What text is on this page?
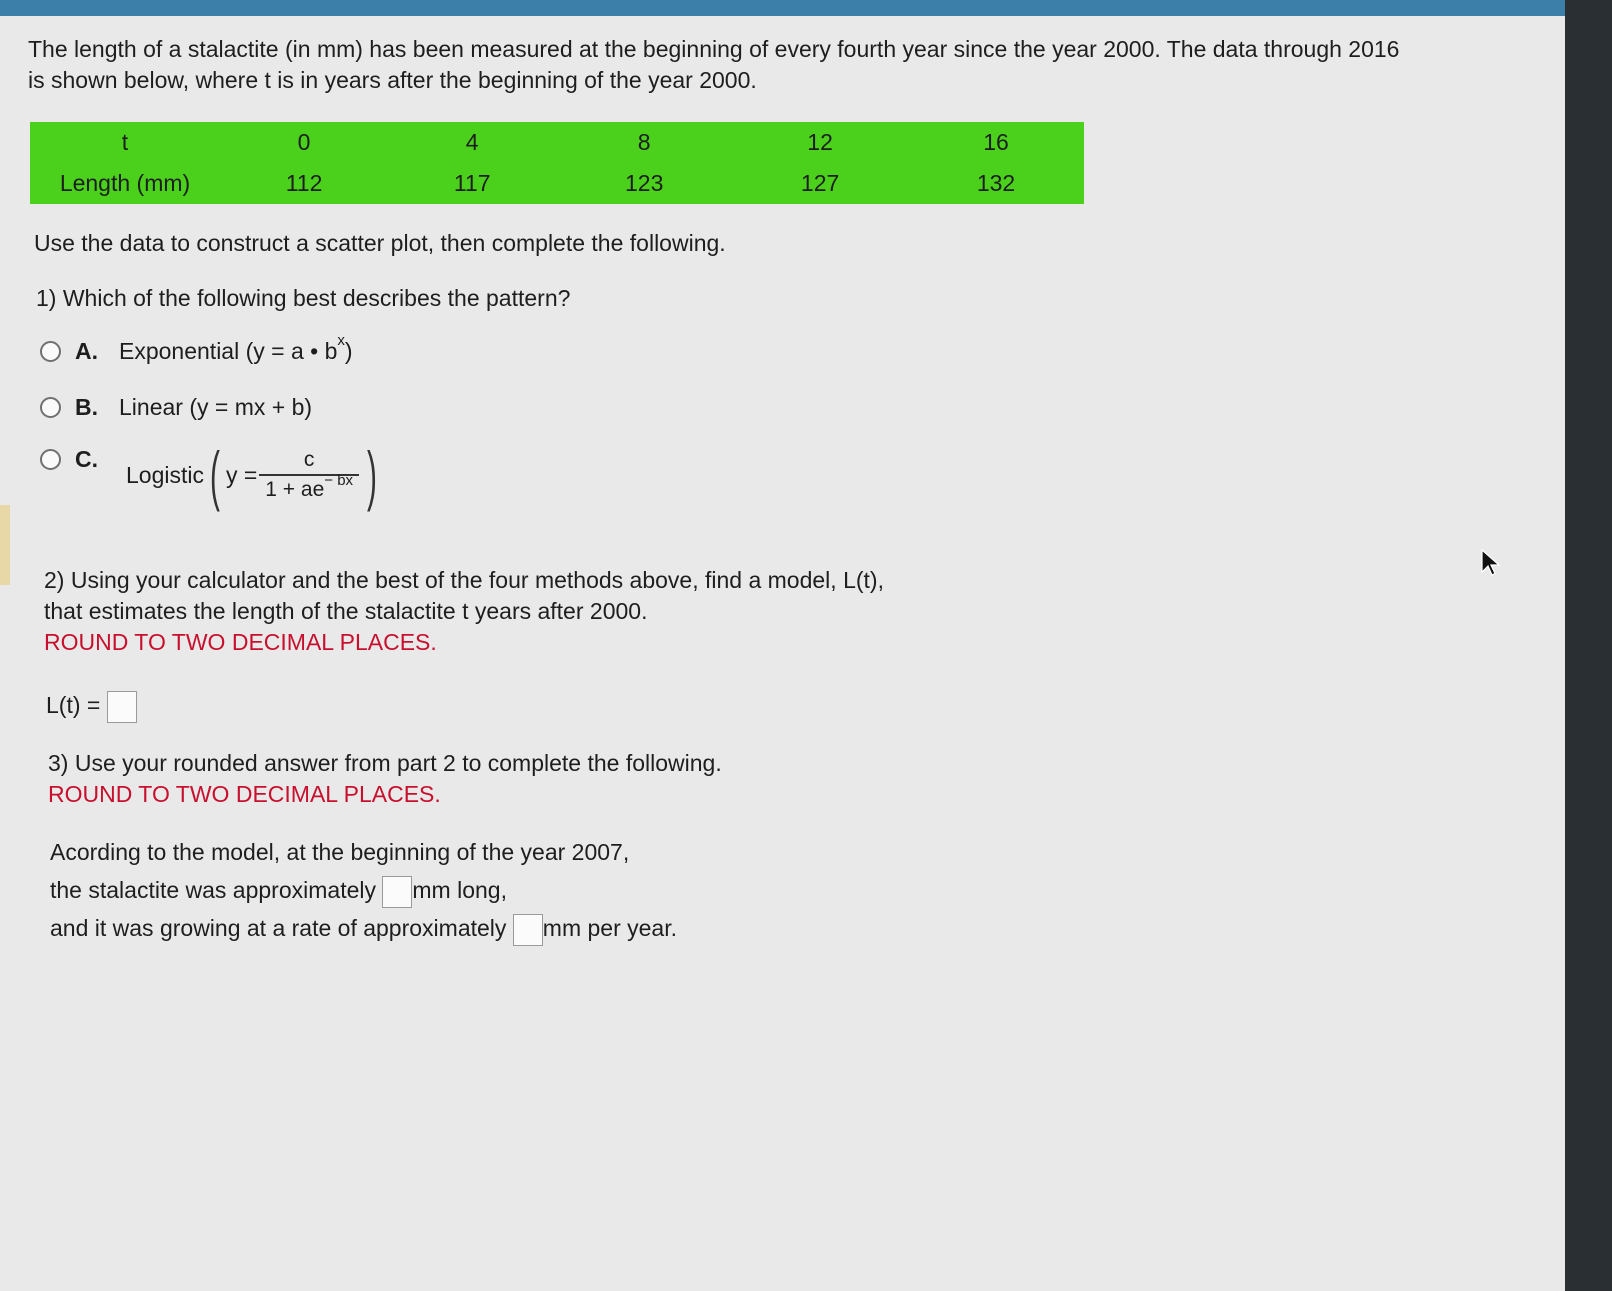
The length of a stalactite (in mm) has been measured at the beginning of every fourth year since the year 2000. The data through 2016
is shown below, where t is in years after the beginning of the year 2000.
t	0	4	8	12	16
Length (mm)	112	117	123	127	132
Use the data to construct a scatter plot, then complete the following.
1) Which of the following best describes the pattern?
A. Exponential
(y = a • b x )
B. Linear
(y = mx + b)
C.
Logistic ( $y = \frac{c}{1 + ae^{- bx}}$ )
2) Using your calculator and the best of the four methods above, find a model, L(t),
that estimates the length of the stalactite t years after 2000.
ROUND TO TWO DECIMAL PLACES.
L(t) =
3) Use your rounded answer from part 2 to complete the following.
ROUND TO TWO DECIMAL PLACES.
Acording to the model, at the beginning of the year 2007,
the stalactite was approximately mm long,
and it was growing at a rate of approximately mm per year.
